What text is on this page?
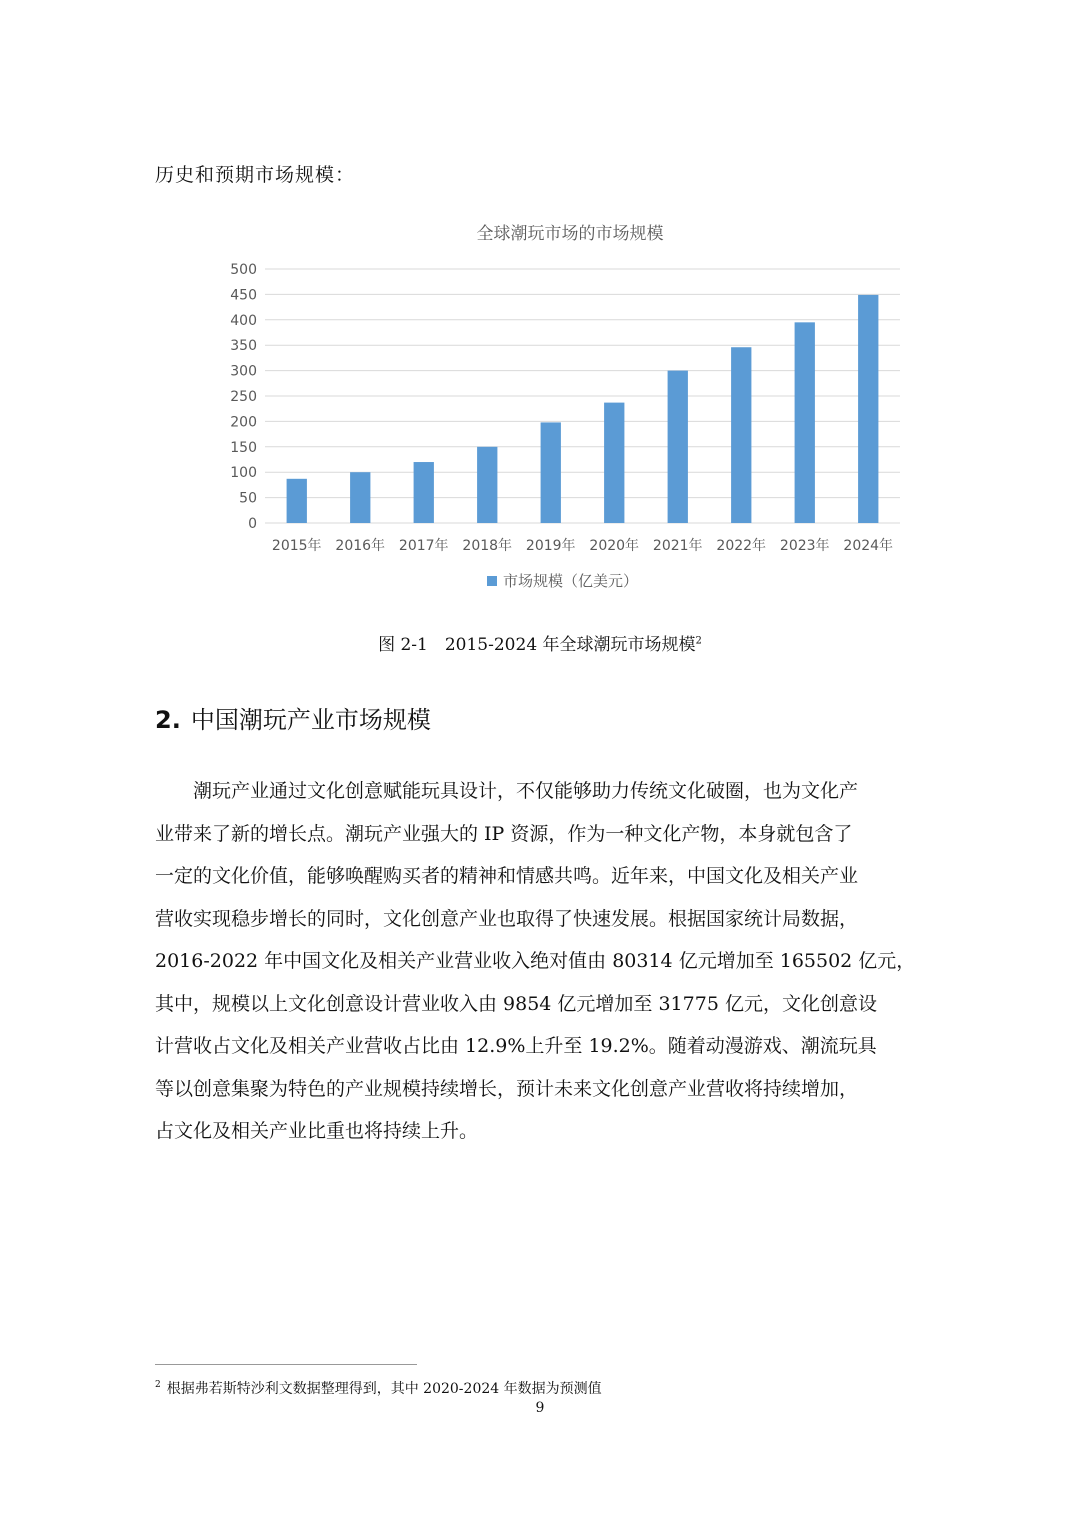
历史和预期市场规模：
全球潮玩市场的市场规模
0
50
100
150
200
250
300
350
400
450
500
2015年 2016年 2017年 2018年 2019年 2020年 2021年 2022年 2023年 2024年
市场规模（亿美元）
图 2-1　2015-2024 年全球潮玩市场规模$^2$
2. 中国潮玩产业市场规模
潮玩产业通过文化创意赋能玩具设计，不仅能够助力传统文化破圈，也为文化产
业带来了新的增长点。潮玩产业强大的 IP 资源，作为一种文化产物，本身就包含了
一定的文化价值，能够唤醒购买者的精神和情感共鸣。近年来，中国文化及相关产业
营收实现稳步增长的同时，文化创意产业也取得了快速发展。根据国家统计局数据，
2016-2022 年中国文化及相关产业营业收入绝对值由 80314 亿元增加至 165502 亿元，
其中，规模以上文化创意设计营业收入由 9854 亿元增加至 31775 亿元，文化创意设
计营收占文化及相关产业营收占比由 12.9%上升至 19.2%。随着动漫游戏、潮流玩具
等以创意集聚为特色的产业规模持续增长，预计未来文化创意产业营收将持续增加，
占文化及相关产业比重也将持续上升。
$^2$ 根据弗若斯特沙利文数据整理得到，其中 2020-2024 年数据为预测值
9
